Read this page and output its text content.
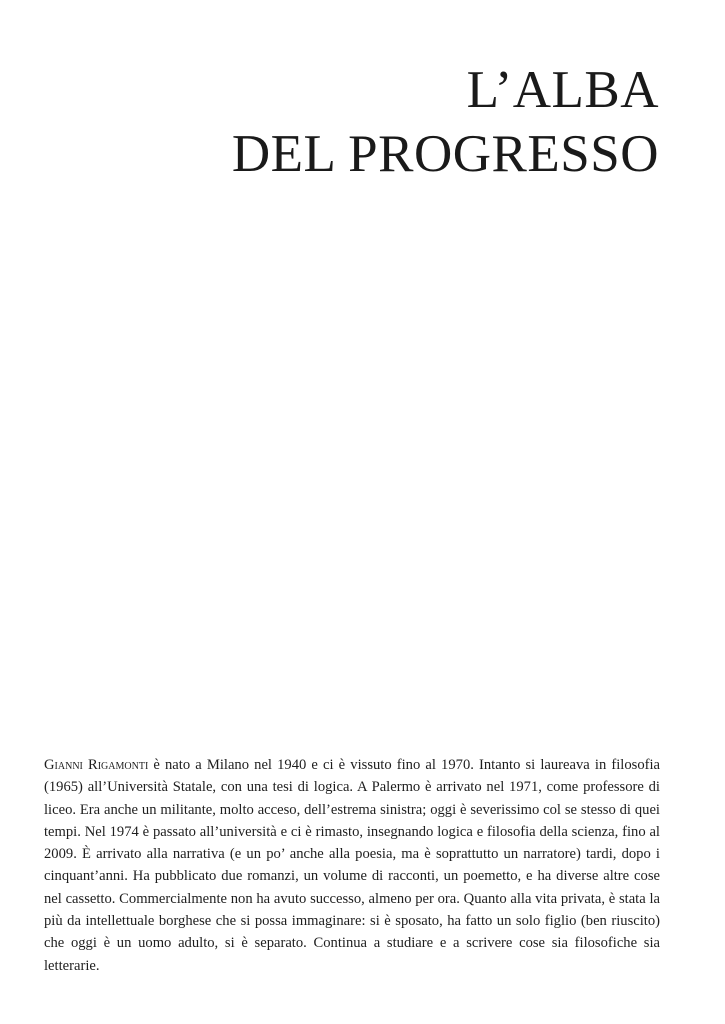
L’ALBA
DEL PROGRESSO

Gianni Rigamonti è nato a Milano nel 1940 e ci è vissuto fino al 1970. Intanto si laureava in filosofia (1965) all’Università Statale, con una tesi di logica. A Palermo è arrivato nel 1971, come professore di liceo. Era anche un militante, molto acceso, dell’estrema sinistra; oggi è severissimo col se stesso di quei tempi. Nel 1974 è passato all’università e ci è rimasto, insegnando logica e filosofia della scienza, fino al 2009. È arrivato alla narrativa (e un po’ anche alla poesia, ma è soprattutto un narratore) tardi, dopo i cinquant’anni. Ha pubblicato due romanzi, un volume di racconti, un poemetto, e ha diverse altre cose nel cassetto. Commercialmente non ha avuto successo, almeno per ora. Quanto alla vita privata, è stata la più da intellettuale borghese che si possa immaginare: si è sposato, ha fatto un solo figlio (ben riuscito) che oggi è un uomo adulto, si è separato. Continua a studiare e a scrivere cose sia filosofiche sia letterarie.
